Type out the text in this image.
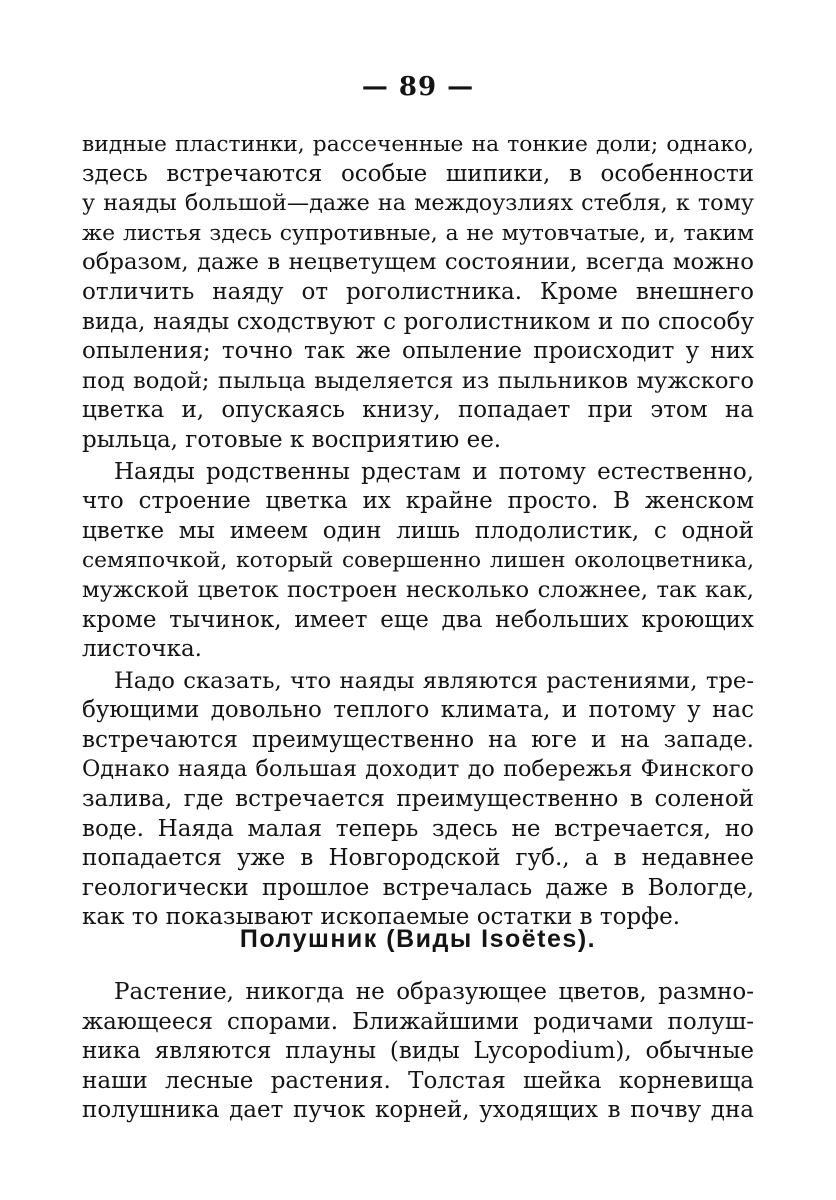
— 89 —
видные пластинки, рассеченные на тонкие доли; однако,
здесь встречаются особые шипики, в особенности
у наяды большой—даже на междоузлиях стебля, к тому
же листья здесь супротивные, а не мутовчатые, и, таким
образом, даже в нецветущем состоянии, всегда можно
отличить наяду от роголистника. Кроме внешнего
вида, наяды сходствуют с роголистником и по способу
опыления; точно так же опыление происходит у них
под водой; пыльца выделяется из пыльников мужского
цветка и, опускаясь книзу, попадает при этом на
рыльца, готовые к восприятию ее.
Наяды родственны рдестам и потому естественно,
что строение цветка их крайне просто. В женском
цветке мы имеем один лишь плодолистик, с одной
семяпочкой, который совершенно лишен околоцветника,
мужской цветок построен несколько сложнее, так как,
кроме тычинок, имеет еще два небольших кроющих
листочка.
Надо сказать, что наяды являются растениями, тре-
бующими довольно теплого климата, и потому у нас
встречаются преимущественно на юге и на западе.
Однако наяда большая доходит до побережья Финского
залива, где встречается преимущественно в соленой
воде. Наяда малая теперь здесь не встречается, но
попадается уже в Новгородской губ., а в недавнее
геологически прошлое встречалась даже в Вологде,
как то показывают ископаемые остатки в торфе.
Полушник (Виды Isoëtes).
Растение, никогда не образующее цветов, размно-
жающееся спорами. Ближайшими родичами полуш-
ника являются плауны (виды Lycopodium), обычные
наши лесные растения. Толстая шейка корневища
полушника дает пучок корней, уходящих в почву дна
